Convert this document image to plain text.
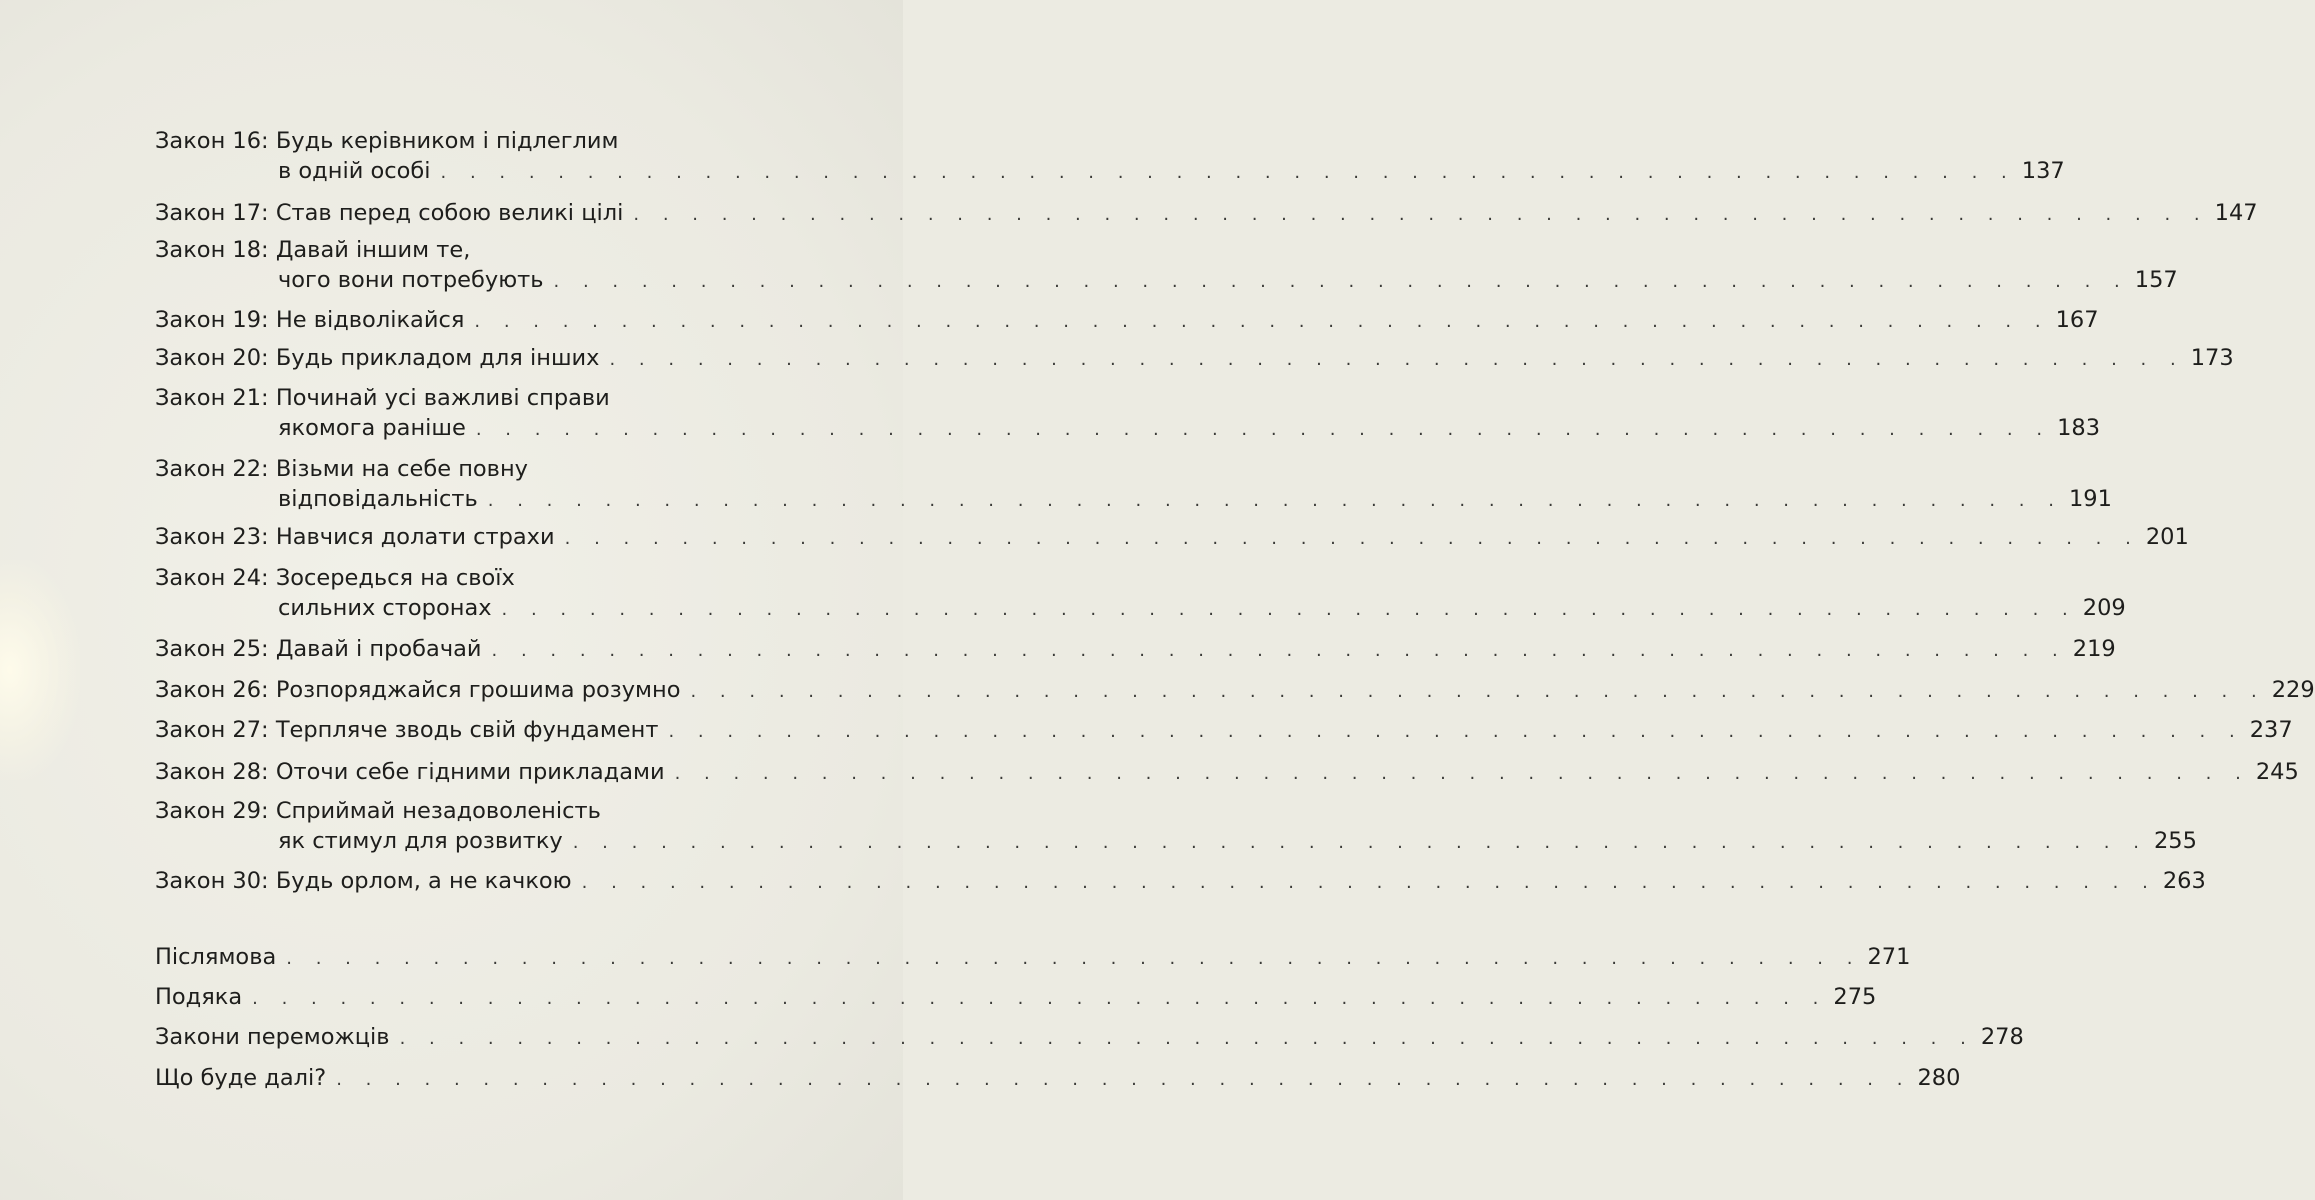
Закон 16:
Будь керівником і підлеглим
в одній особі . . . . . . . . . . . . . . . . . . . . . . . . . . . . . . . . . . . . . . . . . . . . . . . . . . . . . . 137
Закон 17:
Став перед собою великі цілі . . . . . . . . . . . . . . . . . . . . . . . . . . . . . . . . . . . . . . . . . . . . . . . . . . . . . . 147
Закон 18:
Давай іншим те,
чого вони потребують . . . . . . . . . . . . . . . . . . . . . . . . . . . . . . . . . . . . . . . . . . . . . . . . . . . . . . 157
Закон 19:
Не відволікайся . . . . . . . . . . . . . . . . . . . . . . . . . . . . . . . . . . . . . . . . . . . . . . . . . . . . . . 167
Закон 20:
Будь прикладом для інших . . . . . . . . . . . . . . . . . . . . . . . . . . . . . . . . . . . . . . . . . . . . . . . . . . . . . . 173
Закон 21:
Починай усі важливі справи
якомога раніше . . . . . . . . . . . . . . . . . . . . . . . . . . . . . . . . . . . . . . . . . . . . . . . . . . . . . . 183
Закон 22:
Візьми на себе повну
відповідальність . . . . . . . . . . . . . . . . . . . . . . . . . . . . . . . . . . . . . . . . . . . . . . . . . . . . . . 191
Закон 23:
Навчися долати страхи . . . . . . . . . . . . . . . . . . . . . . . . . . . . . . . . . . . . . . . . . . . . . . . . . . . . . . 201
Закон 24:
Зосередься на своїх
сильних сторонах . . . . . . . . . . . . . . . . . . . . . . . . . . . . . . . . . . . . . . . . . . . . . . . . . . . . . . 209
Закон 25:
Давай і пробачай . . . . . . . . . . . . . . . . . . . . . . . . . . . . . . . . . . . . . . . . . . . . . . . . . . . . . . 219
Закон 26:
Розпоряджайся грошима розумно . . . . . . . . . . . . . . . . . . . . . . . . . . . . . . . . . . . . . . . . . . . . . . . . . . . . . . 229
Закон 27:
Терпляче зводь свій фундамент . . . . . . . . . . . . . . . . . . . . . . . . . . . . . . . . . . . . . . . . . . . . . . . . . . . . . . 237
Закон 28:
Оточи себе гідними прикладами . . . . . . . . . . . . . . . . . . . . . . . . . . . . . . . . . . . . . . . . . . . . . . . . . . . . . . 245
Закон 29:
Сприймай незадоволеність
як стимул для розвитку . . . . . . . . . . . . . . . . . . . . . . . . . . . . . . . . . . . . . . . . . . . . . . . . . . . . . . 255
Закон 30:
Будь орлом, а не качкою . . . . . . . . . . . . . . . . . . . . . . . . . . . . . . . . . . . . . . . . . . . . . . . . . . . . . . 263
Післямова . . . . . . . . . . . . . . . . . . . . . . . . . . . . . . . . . . . . . . . . . . . . . . . . . . . . . . 271
Подяка . . . . . . . . . . . . . . . . . . . . . . . . . . . . . . . . . . . . . . . . . . . . . . . . . . . . . . 275
Закони переможців . . . . . . . . . . . . . . . . . . . . . . . . . . . . . . . . . . . . . . . . . . . . . . . . . . . . . . 278
Що буде далі? . . . . . . . . . . . . . . . . . . . . . . . . . . . . . . . . . . . . . . . . . . . . . . . . . . . . . . 280
